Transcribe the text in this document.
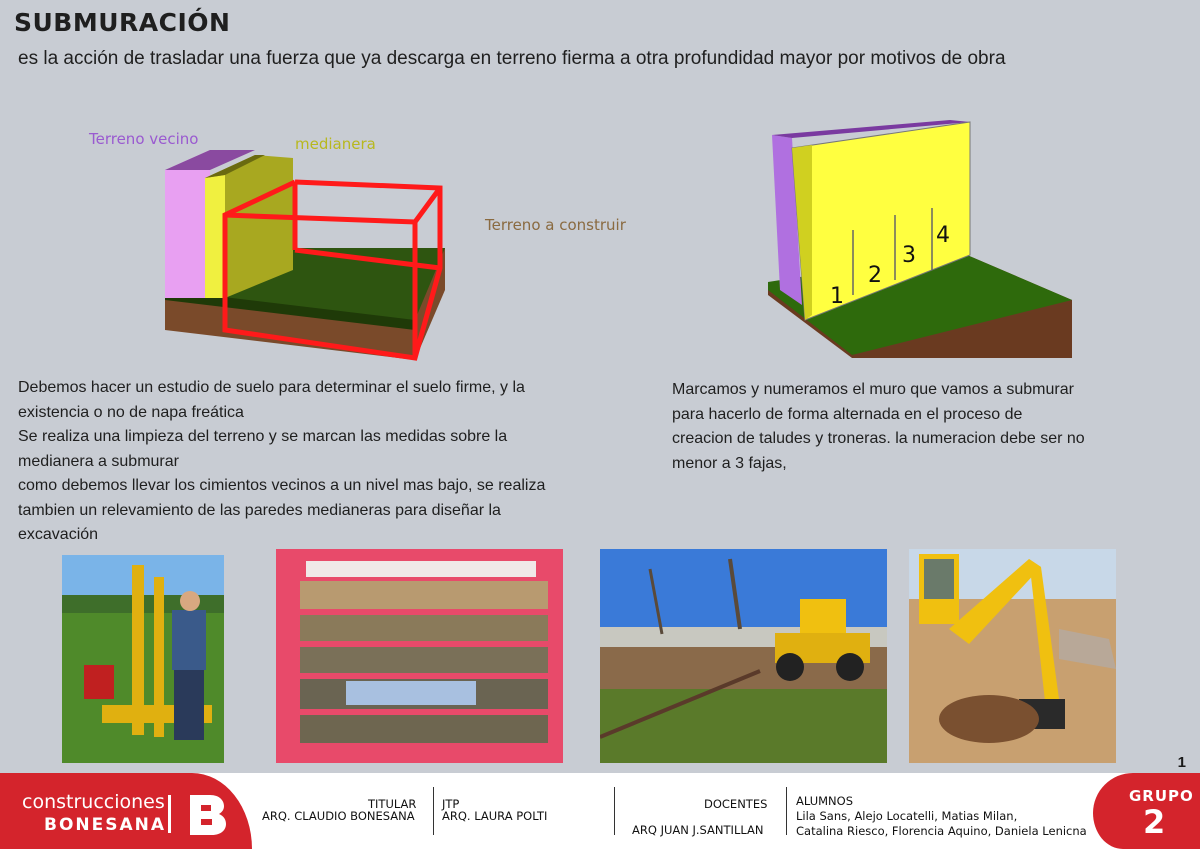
SUBMURACIÓN
es la acción de trasladar una fuerza que ya descarga en terreno fierma a otra profundidad mayor por motivos de obra
Terreno vecino	medianera
Terreno a construir
1
2
3
4
Debemos hacer un estudio de suelo para determinar el suelo firme, y la
existencia o no de napa freática
Se realiza una limpieza del terreno y se marcan las medidas sobre la
medianera a submurar
como debemos llevar los cimientos vecinos a un nivel mas bajo, se realiza
tambien un relevamiento de las paredes medianeras para diseñar la
excavación
Marcamos y numeramos el muro que vamos a submurar
para hacerlo de forma alternada en el proceso de
creacion de taludes y troneras. la numeracion debe ser no
menor a 3 fajas,
1
construcciones
BONESANA
TITULAR
ARQ. CLAUDIO BONESANA
JTP
ARQ. LAURA POLTI
DOCENTES
ARQ JUAN J.SANTILLAN
ALUMNOS
Lila Sans, Alejo Locatelli, Matias Milan,
Catalina Riesco, Florencia Aquino, Daniela Lenicna
GRUPO
2
